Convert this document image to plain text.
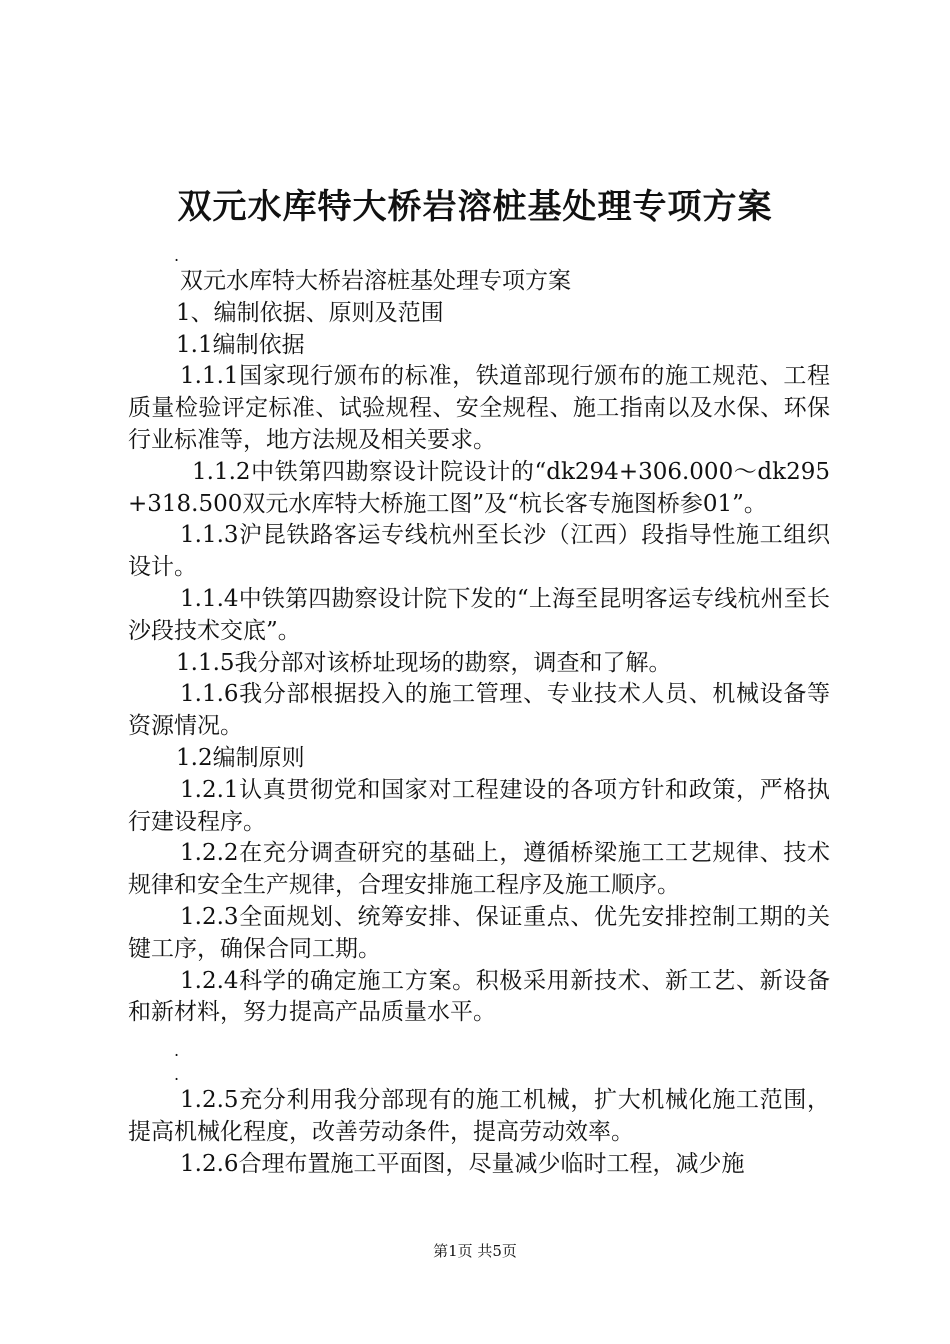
双元水库特大桥岩溶桩基处理专项方案

.

双元水库特大桥岩溶桩基处理专项方案

1、编制依据、原则及范围

1.1编制依据

1.1.1国家现行颁布的标准，铁道部现行颁布的施工规范、工程质量检验评定标准、试验规程、安全规程、施工指南以及水保、环保行业标准等，地方法规及相关要求。

1.1.2中铁第四勘察设计院设计的“dk294+306.000～dk295+318.500双元水库特大桥施工图”及“杭长客专施图桥参01”。

1.1.3沪昆铁路客运专线杭州至长沙（江西）段指导性施工组织设计。

1.1.4中铁第四勘察设计院下发的“上海至昆明客运专线杭州至长沙段技术交底”。

1.1.5我分部对该桥址现场的勘察，调查和了解。

1.1.6我分部根据投入的施工管理、专业技术人员、机械设备等资源情况。

1.2编制原则

1.2.1认真贯彻党和国家对工程建设的各项方针和政策，严格执行建设程序。

1.2.2在充分调查研究的基础上，遵循桥梁施工工艺规律、技术规律和安全生产规律，合理安排施工程序及施工顺序。

1.2.3全面规划、统筹安排、保证重点、优先安排控制工期的关键工序，确保合同工期。

1.2.4科学的确定施工方案。积极采用新技术、新工艺、新设备和新材料，努力提高产品质量水平。

.

.

1.2.5充分利用我分部现有的施工机械，扩大机械化施工范围，提高机械化程度，改善劳动条件，提高劳动效率。

1.2.6合理布置施工平面图，尽量减少临时工程，减少施

第1页 共5页
